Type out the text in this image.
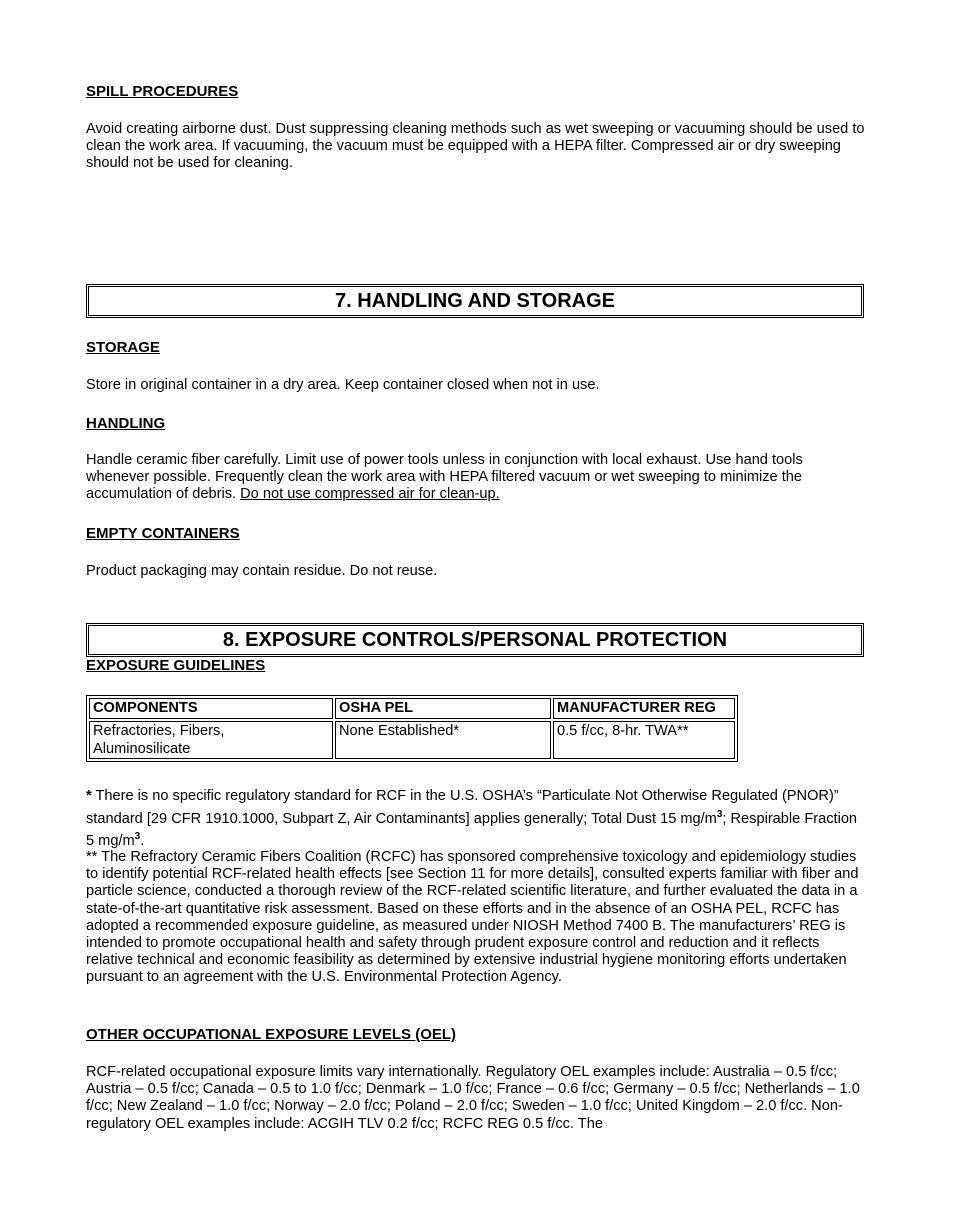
SPILL PROCEDURES
Avoid creating airborne dust. Dust suppressing cleaning methods such as wet sweeping or vacuuming should be used to clean the work area. If vacuuming, the vacuum must be equipped with a HEPA filter. Compressed air or dry sweeping should not be used for cleaning.
7. HANDLING AND STORAGE
STORAGE
Store in original container in a dry area. Keep container closed when not in use.
HANDLING
Handle ceramic fiber carefully. Limit use of power tools unless in conjunction with local exhaust. Use hand tools whenever possible. Frequently clean the work area with HEPA filtered vacuum or wet sweeping to minimize the accumulation of debris. Do not use compressed air for clean-up.
EMPTY CONTAINERS
Product packaging may contain residue. Do not reuse.
8. EXPOSURE CONTROLS/PERSONAL PROTECTION
EXPOSURE GUIDELINES
COMPONENTS	OSHA PEL	MANUFACTURER REG
Refractories, Fibers,
Aluminosilicate	None Established*	0.5 f/cc, 8-hr. TWA**
* There is no specific regulatory standard for RCF in the U.S. OSHA’s “Particulate Not Otherwise Regulated (PNOR)” standard [29 CFR 1910.1000, Subpart Z, Air Contaminants] applies generally; Total Dust 15 $mg/m^3$; Respirable Fraction 5 $mg/m^3$.
** The Refractory Ceramic Fibers Coalition (RCFC) has sponsored comprehensive toxicology and epidemiology studies to identify potential RCF-related health effects [see Section 11 for more details], consulted experts familiar with fiber and particle science, conducted a thorough review of the RCF-related scientific literature, and further evaluated the data in a state-of-the-art quantitative risk assessment. Based on these efforts and in the absence of an OSHA PEL, RCFC has adopted a recommended exposure guideline, as measured under NIOSH Method 7400 B. The manufacturers’ REG is intended to promote occupational health and safety through prudent exposure control and reduction and it reflects relative technical and economic feasibility as determined by extensive industrial hygiene monitoring efforts undertaken pursuant to an agreement with the U.S. Environmental Protection Agency.
OTHER OCCUPATIONAL EXPOSURE LEVELS (OEL)
RCF-related occupational exposure limits vary internationally. Regulatory OEL examples include: Australia – 0.5 f/cc; Austria – 0.5 f/cc; Canada – 0.5 to 1.0 f/cc; Denmark – 1.0 f/cc; France – 0.6 f/cc; Germany – 0.5 f/cc; Netherlands – 1.0 f/cc; New Zealand – 1.0 f/cc; Norway – 2.0 f/cc; Poland – 2.0 f/cc; Sweden – 1.0 f/cc; United Kingdom – 2.0 f/cc. Non-regulatory OEL examples include: ACGIH TLV 0.2 f/cc; RCFC REG 0.5 f/cc. The
